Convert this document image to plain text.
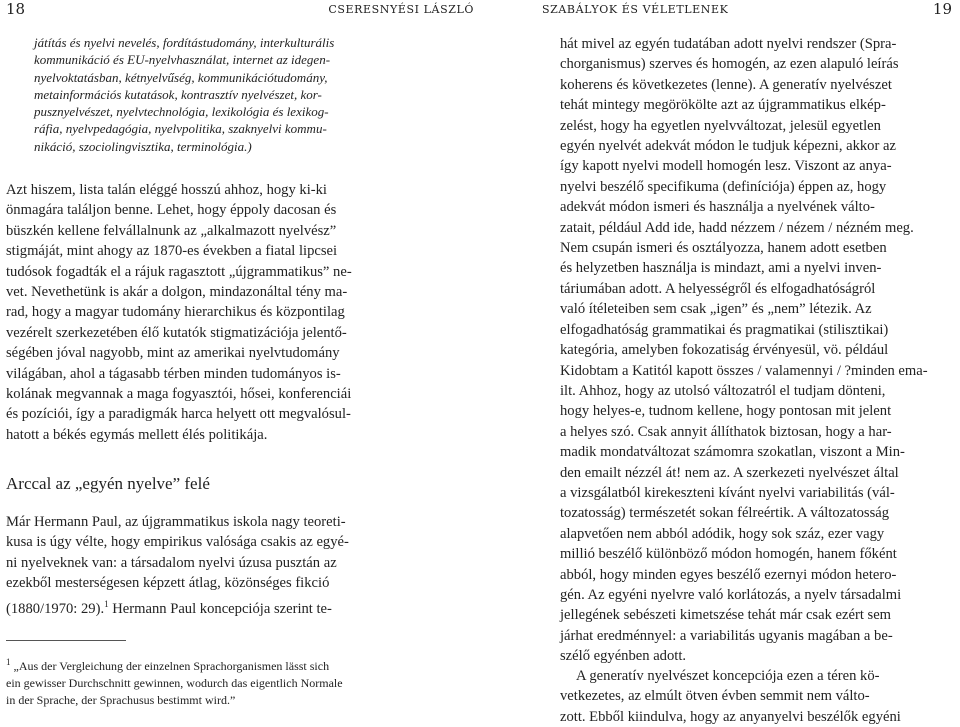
18	CSERESNYÉSI LÁSZLÓ
játítás és nyelvi nevelés, fordítástudomány, interkulturális
kommunikáció és EU-nyelvhasználat, internet az idegen-
nyelvoktatásban, kétnyelvűség, kommunikációtudomány,
metainformációs kutatások, kontrasztív nyelvészet, kor-
pusznyelvészet, nyelvtechnológia, lexikológia és lexikog-
ráfia, nyelvpedagógia, nyelvpolitika, szaknyelvi kommu-
nikáció, szociolingvisztika, terminológia.)
Azt hiszem, lista talán eléggé hosszú ahhoz, hogy ki-ki
önmagára találjon benne. Lehet, hogy éppoly dacosan és
büszkén kellene felvállalnunk az „alkalmazott nyelvész”
stigmáját, mint ahogy az 1870-es években a fiatal lipcsei
tudósok fogadták el a rájuk ragasztott „újgrammatikus” ne-
vet. Nevethetünk is akár a dolgon, mindazonáltal tény ma-
rad, hogy a magyar tudomány hierarchikus és központilag
vezérelt szerkezetében élő kutatók stigmatizációja jelentő-
ségében jóval nagyobb, mint az amerikai nyelvtudomány
világában, ahol a tágasabb térben minden tudományos is-
kolának megvannak a maga fogyasztói, hősei, konferenciái
és pozíciói, így a paradigmák harca helyett ott megvalósul-
hatott a békés egymás mellett élés politikája.
Arccal az „egyén nyelve” felé
Már Hermann Paul, az újgrammatikus iskola nagy teoreti-
kusa is úgy vélte, hogy empirikus valósága csakis az egyé-
ni nyelveknek van: a társadalom nyelvi úzusa pusztán az
ezekből mesterségesen képzett átlag, közönséges fikció
(1880/1970: 29).$^1$ Hermann Paul koncepciója szerint te-
$^1$ „Aus der Vergleichung der einzelnen Sprachorganismen lässt sich
ein gewisser Durchschnitt gewinnen, wodurch das eigentlich Normale
in der Sprache, der Sprachusus bestimmt wird.”
SZABÁLYOK ÉS VÉLETLENEK	19
hát mivel az egyén tudatában adott nyelvi rendszer (Spra-
chorganismus) szerves és homogén, az ezen alapuló leírás
koherens és következetes (lenne). A generatív nyelvészet
tehát mintegy megörökölte azt az újgrammatikus elkép-
zelést, hogy ha egyetlen nyelvváltozat, jelesül egyetlen
egyén nyelvét adekvát módon le tudjuk képezni, akkor az
így kapott nyelvi modell homogén lesz. Viszont az anya-
nyelvi beszélő specifikuma (definíciója) éppen az, hogy
adekvát módon ismeri és használja a nyelvének válto-
zatait, például Add ide, hadd nézzem / nézem / nézném meg.
Nem csupán ismeri és osztályozza, hanem adott esetben
és helyzetben használja is mindazt, ami a nyelvi inven-
táriumában adott. A helyességről és elfogadhatóságról
való ítéleteiben sem csak „igen” és „nem” létezik. Az
elfogadhatóság grammatikai és pragmatikai (stilisztikai)
kategória, amelyben fokozatiság érvényesül, vö. például
Kidobtam a Katitól kapott összes / valamennyi / ?minden ema-
ilt. Ahhoz, hogy az utolsó változatról el tudjam dönteni,
hogy helyes-e, tudnom kellene, hogy pontosan mit jelent
a helyes szó. Csak annyit állíthatok biztosan, hogy a har-
madik mondatváltozat számomra szokatlan, viszont a Min-
den emailt nézzél át! nem az. A szerkezeti nyelvészet által
a vizsgálatból kirekeszteni kívánt nyelvi variabilitás (vál-
tozatosság) természetét sokan félreértik. A változatosság
alapvetően nem abból adódik, hogy sok száz, ezer vagy
millió beszélő különböző módon homogén, hanem főként
abból, hogy minden egyes beszélő ezernyi módon hetero-
gén. Az egyéni nyelvre való korlátozás, a nyelv társadalmi
jellegének sebészeti kimetszése tehát már csak ezért sem
járhat eredménnyel: a variabilitás ugyanis magában a be-
szélő egyénben adott.
A generatív nyelvészet koncepciója ezen a téren kö-
vetkezetes, az elmúlt ötven évben semmit nem válto-
zott. Ebből kiindulva, hogy az anyanyelvi beszélők egyéni
